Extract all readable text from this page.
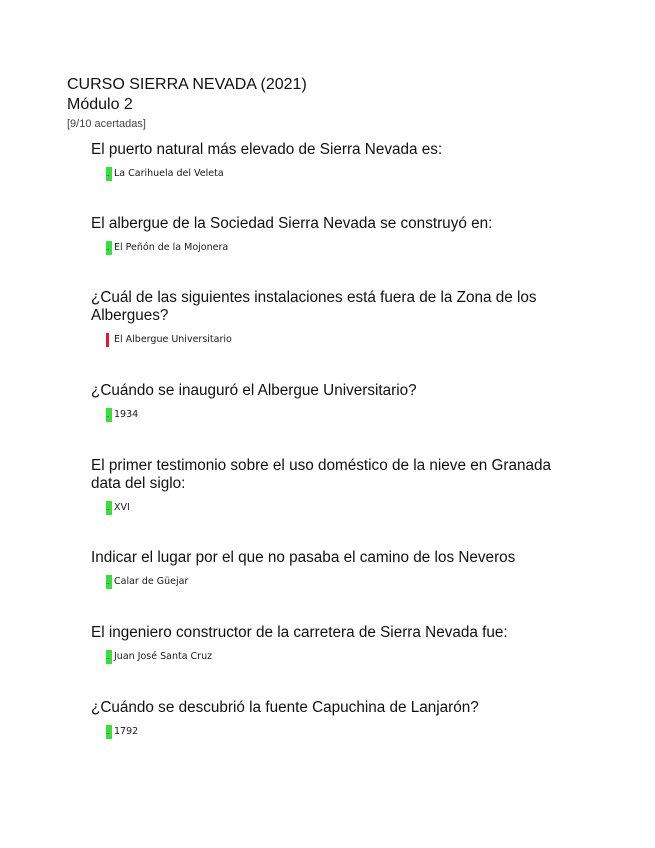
CURSO SIERRA NEVADA (2021)
Módulo 2
[9/10 acertadas]
El puerto natural más elevado de Sierra Nevada es:
..
La Carihuela del Veleta
El albergue de la Sociedad Sierra Nevada se construyó en:
..
El Peñón de la Mojonera
¿Cuál de las siguientes instalaciones está fuera de la Zona de los Albergues?
El Albergue Universitario
¿Cuándo se inauguró el Albergue Universitario?
..
1934
El primer testimonio sobre el uso doméstico de la nieve en Granada data del siglo:
..
XVI
Indicar el lugar por el que no pasaba el camino de los Neveros
..
Calar de Güejar
El ingeniero constructor de la carretera de Sierra Nevada fue:
..
Juan José Santa Cruz
¿Cuándo se descubrió la fuente Capuchina de Lanjarón?
..
1792
